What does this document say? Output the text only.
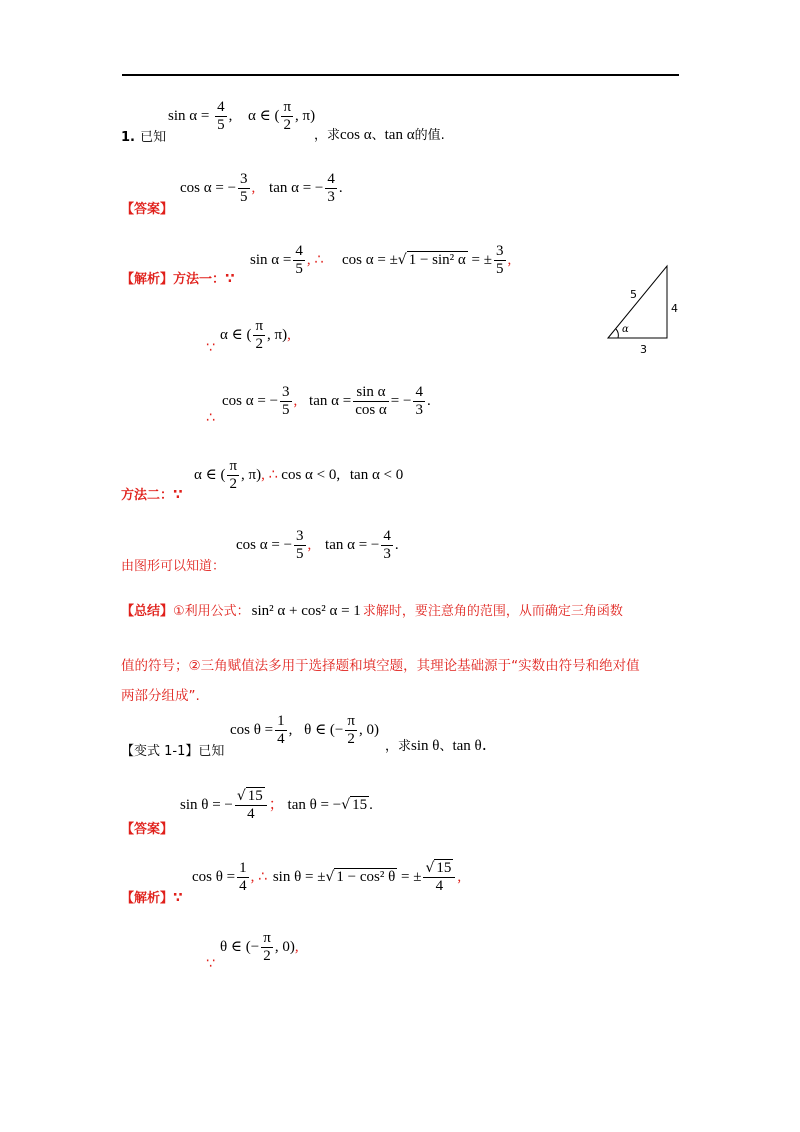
1. 已知
$\sin \alpha = \frac{4}{5}$ , α ∈ ( $\frac{\pi}{2}$ , π)
，求cos α、tan α的值.
【答案】
cos α = − $\frac{3}{5}$ , tan α = − $\frac{4}{3}$ .
【解析】方法一：∵
$\sin \alpha = \frac{4}{5}$ , ∴ cos α = ±√ 1 − sin² α = ± $\frac{3}{5}$ ,
∵
α ∈ ( $\frac{\pi}{2}$ , π),
∴
cos α = − $\frac{3}{5}$ , $\tan \alpha = \frac{\text{sin α}}{\text{cos α}}$ = − $\frac{4}{3}$ .
5
4
3
α
方法二：∵
α ∈ ( $\frac{\pi}{2}$ , π), ∴ cos α < 0, tan α < 0
由图形可以知道：
cos α = − $\frac{3}{5}$ , tan α = − $\frac{4}{3}$ .
【总结】①利用公式： sin² α + cos² α = 1 求解时，要注意角的范围，从而确定三角函数
值的符号；②三角赋值法多用于选择题和填空题，其理论基础源于“实数由符号和绝对值
两部分组成”.
【变式 1-1】已知
$\cos \theta = \frac{1}{4}$ , θ ∈ (− $\frac{\pi}{2}$ , 0)
，求sin θ、tan θ.
【答案】
sin θ = − $\frac{√ 15}{4}$ ； tan θ = −√ 15 .
【解析】∵
$\cos \theta = \frac{1}{4}$ , ∴ sin θ = ±√ 1 − cos² θ = ± $\frac{√ 15}{4}$ ,
∵
θ ∈ (− $\frac{\pi}{2}$ , 0),
